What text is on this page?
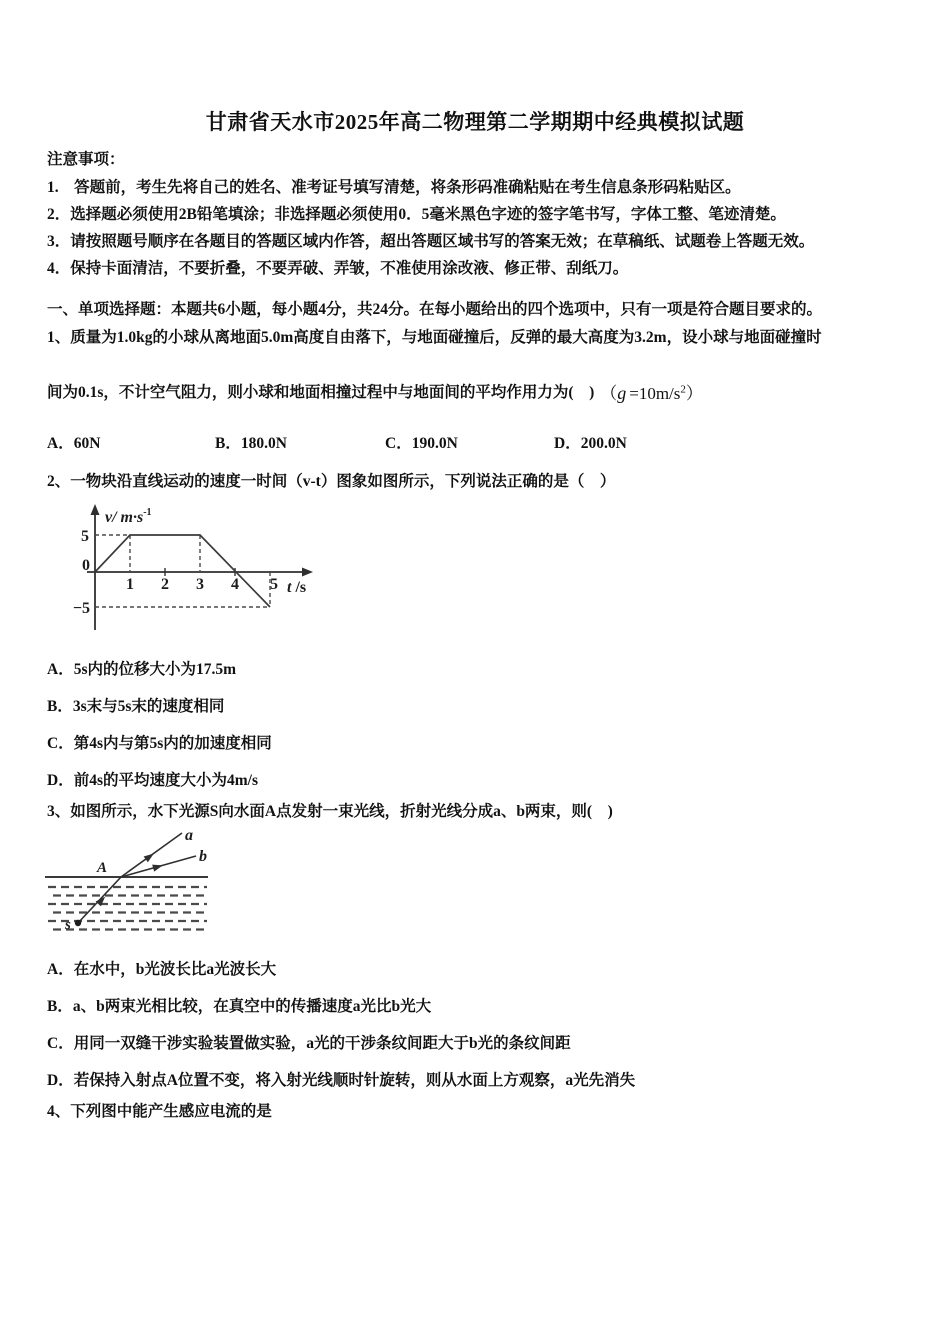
甘肃省天水市2025年高二物理第二学期期中经典模拟试题
注意事项：
1.　答题前，考生先将自己的姓名、准考证号填写清楚，将条形码准确粘贴在考生信息条形码粘贴区。
2．选择题必须使用2B铅笔填涂；非选择题必须使用0．5毫米黑色字迹的签字笔书写，字体工整、笔迹清楚。
3．请按照题号顺序在各题目的答题区域内作答，超出答题区域书写的答案无效；在草稿纸、试题卷上答题无效。
4．保持卡面清洁，不要折叠，不要弄破、弄皱，不准使用涂改液、修正带、刮纸刀。
一、单项选择题：本题共6小题，每小题4分，共24分。在每小题给出的四个选项中，只有一项是符合题目要求的。
1、质量为1.0kg的小球从离地面5.0m高度自由落下，与地面碰撞后，反弹的最大高度为3.2m，设小球与地面碰撞时
间为0.1s，不计空气阻力，则小球和地面相撞过程中与地面间的平均作用力为(　) $(g =10m/s^2)$
A．60N	B．180.0N	C．190.0N	D．200.0N
2、一物块沿直线运动的速度一时间（v-t）图象如图所示，下列说法正确的是（　）
v/ $m\cdot s^{-1}$
5
0
−5
1 2 3 4 5 t /s
A．5s内的位移大小为17.5m
B．3s末与5s末的速度相同
C．第4s内与第5s内的加速度相同
D．前4s的平均速度大小为4m/s
3、如图所示，水下光源S向水面A点发射一束光线，折射光线分成a、b两束，则(　)
A
a
b
s
A．在水中，b光波长比a光波长大
B．a、b两束光相比较，在真空中的传播速度a光比b光大
C．用同一双缝干涉实验装置做实验，a光的干涉条纹间距大于b光的条纹间距
D．若保持入射点A位置不变，将入射光线顺时针旋转，则从水面上方观察，a光先消失
4、下列图中能产生感应电流的是
